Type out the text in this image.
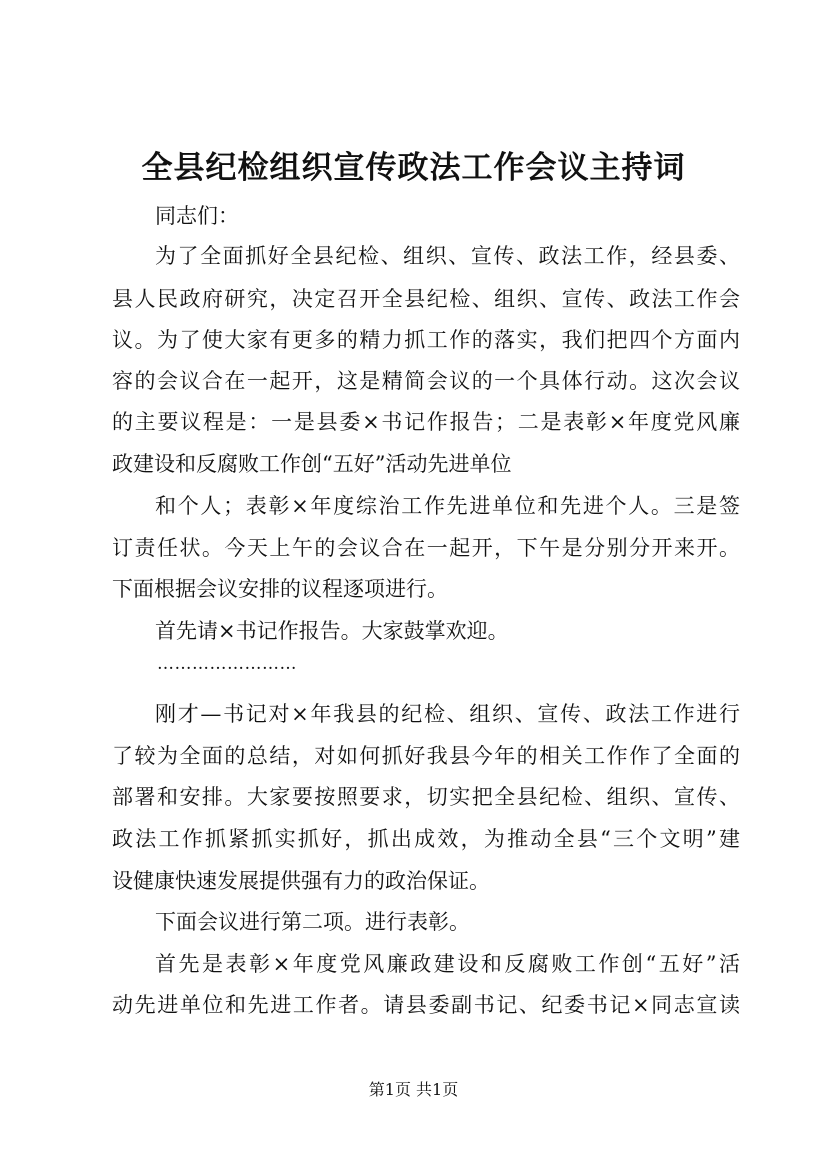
全县纪检组织宣传政法工作会议主持词
同志们：
为了全面抓好全县纪检、组织、宣传、政法工作，经县委、
县人民政府研究，决定召开全县纪检、组织、宣传、政法工作会
议。为了使大家有更多的精力抓工作的落实，我们把四个方面内
容的会议合在一起开，这是精简会议的一个具体行动。这次会议
的主要议程是：一是县委×书记作报告；二是表彰×年度党风廉
政建设和反腐败工作创“五好”活动先进单位
和个人；表彰×年度综治工作先进单位和先进个人。三是签
订责任状。今天上午的会议合在一起开，下午是分别分开来开。
下面根据会议安排的议程逐项进行。
首先请×书记作报告。大家鼓掌欢迎。
……………………
刚才—书记对×年我县的纪检、组织、宣传、政法工作进行
了较为全面的总结，对如何抓好我县今年的相关工作作了全面的
部署和安排。大家要按照要求，切实把全县纪检、组织、宣传、
政法工作抓紧抓实抓好，抓出成效，为推动全县“三个文明”建
设健康快速发展提供强有力的政治保证。
下面会议进行第二项。进行表彰。
首先是表彰×年度党风廉政建设和反腐败工作创“五好”活
动先进单位和先进工作者。请县委副书记、纪委书记×同志宣读
第1页 共1页
